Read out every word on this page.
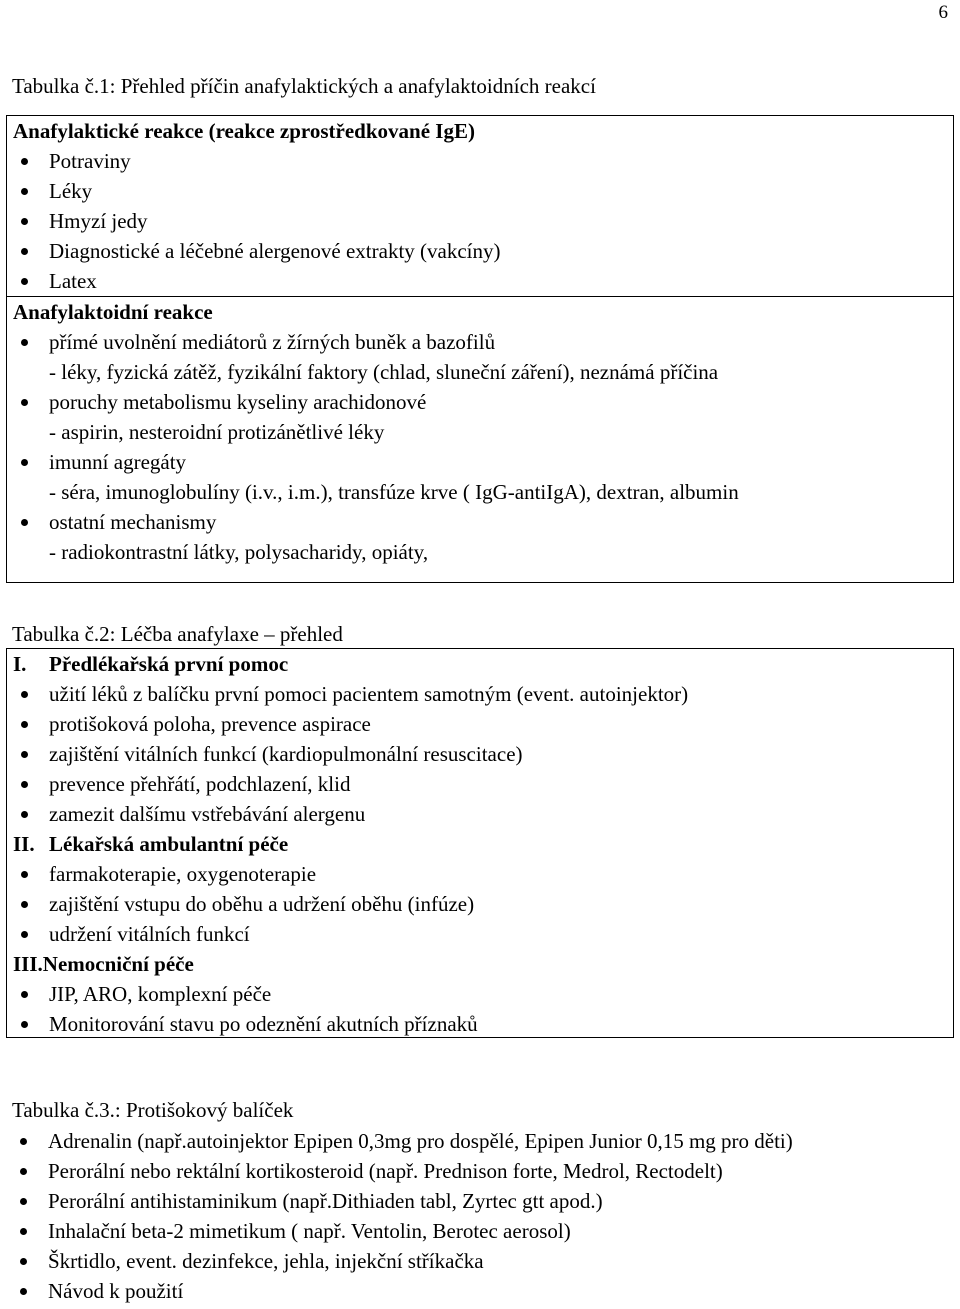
6
Tabulka č.1: Přehled příčin anafylaktických a anafylaktoidních reakcí
Anafylaktické reakce (reakce zprostředkované IgE)
Potraviny
Léky
Hmyzí jedy
Diagnostické a léčebné alergenové extrakty (vakcíny)
Latex
Anafylaktoidní reakce
přímé uvolnění mediátorů z žírných buněk a bazofilů
- léky, fyzická zátěž, fyzikální faktory (chlad, sluneční záření), neznámá příčina
poruchy metabolismu kyseliny arachidonové
- aspirin, nesteroidní protizánětlivé léky
imunní agregáty
- séra, imunoglobulíny (i.v., i.m.), transfúze krve ( IgG-antiIgA), dextran, albumin
ostatní mechanismy
- radiokontrastní látky, polysacharidy, opiáty,
Tabulka č.2: Léčba anafylaxe – přehled
I. Předlékařská první pomoc
užití léků z balíčku první pomoci pacientem samotným (event. autoinjektor)
protišoková poloha, prevence aspirace
zajištění vitálních funkcí (kardiopulmonální resuscitace)
prevence přehřátí, podchlazení, klid
zamezit dalšímu vstřebávání alergenu
II. Lékařská ambulantní péče
farmakoterapie, oxygenoterapie
zajištění vstupu do oběhu a udržení oběhu (infúze)
udržení vitálních funkcí
III.Nemocniční péče
JIP, ARO, komplexní péče
Monitorování stavu po odeznění akutních příznaků
Tabulka č.3.: Protišokový balíček
Adrenalin (např.autoinjektor Epipen 0,3mg pro dospělé, Epipen Junior 0,15 mg pro děti)
Perorální nebo rektální kortikosteroid (např. Prednison forte, Medrol, Rectodelt)
Perorální antihistaminikum (např.Dithiaden tabl, Zyrtec gtt apod.)
Inhalační beta-2 mimetikum ( např. Ventolin, Berotec aerosol)
Škrtidlo, event. dezinfekce, jehla, injekční stříkačka
Návod k použití
